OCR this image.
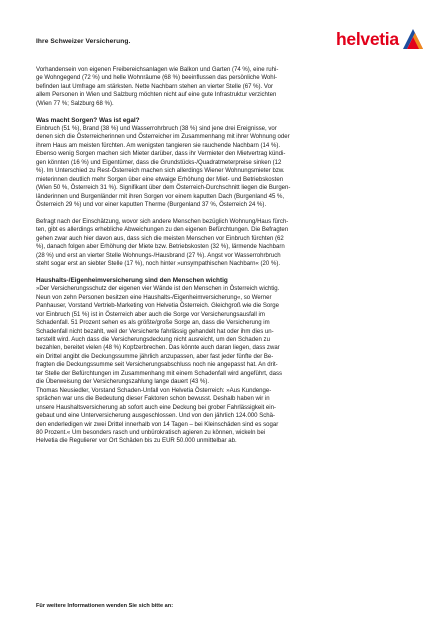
Ihre Schweizer Versicherung.	helvetia

Vorhandensein von eigenen Freibereichsanlagen wie Balkon und Garten (74 %), eine ruhi-
ge Wohngegend (72 %) und helle Wohnräume (68 %) beeinflussen das persönliche Wohl-
befinden laut Umfrage am stärksten. Nette Nachbarn stehen an vierter Stelle (67 %). Vor
allem Personen in Wien und Salzburg möchten nicht auf eine gute Infrastruktur verzichten
(Wien 77 %; Salzburg 68 %).

Was macht Sorgen? Was ist egal?

Einbruch (51 %), Brand (38 %) und Wasserrohrbruch (38 %) sind jene drei Ereignisse, vor
denen sich die Österreicherinnen und Österreicher im Zusammenhang mit ihrer Wohnung oder
ihrem Haus am meisten fürchten. Am wenigsten tangieren sie rauchende Nachbarn (14 %).
Ebenso wenig Sorgen machen sich Mieter darüber, dass ihr Vermieter den Mietvertrag kündi-
gen könnten (16 %) und Eigentümer, dass die Grundstücks-/Quadratmeterpreise sinken (12
%). Im Unterschied zu Rest-Österreich machen sich allerdings Wiener Wohnungsmieter bzw.
mieterinnen deutlich mehr Sorgen über eine etwaige Erhöhung der Miet- und Betriebskosten
(Wien 50 %, Österreich 31 %). Signifikant über dem Österreich-Durchschnitt liegen die Burgen-
länderinnen und Burgenländer mit ihren Sorgen vor einem kaputten Dach (Burgenland 45 %,
Österreich 29 %) und vor einer kaputten Therme (Burgenland 37 %, Österreich 24 %).

Befragt nach der Einschätzung, wovor sich andere Menschen bezüglich Wohnung/Haus fürch-
ten, gibt es allerdings erhebliche Abweichungen zu den eigenen Befürchtungen. Die Befragten
gehen zwar auch hier davon aus, dass sich die meisten Menschen vor Einbruch fürchten (62
%), danach folgen aber Erhöhung der Miete bzw. Betriebskosten (32 %), lärmende Nachbarn
(28 %) und erst an vierter Stelle Wohnungs-/Hausbrand (27 %). Angst vor Wasserrohrbruch
steht sogar erst an siebter Stelle (17 %), noch hinter »unsympathischen Nachbarn« (20 %).

Haushalts-/Eigenheimversicherung sind den Menschen wichtig

»Der Versicherungsschutz der eigenen vier Wände ist den Menschen in Österreich wichtig.
Neun von zehn Personen besitzen eine Haushalts-/Eigenheimversicherung«, so Werner
Panhauser, Vorstand Vertrieb-Marketing von Helvetia Österreich. Gleichgroß wie die Sorge
vor Einbruch (51 %) ist in Österreich aber auch die Sorge vor Versicherungsausfall im
Schadenfall. 51 Prozent sehen es als größte/große Sorge an, dass die Versicherung im
Schadenfall nicht bezahlt, weil der Versicherte fahrlässig gehandelt hat oder ihm dies un-
terstellt wird. Auch dass die Versicherungsdeckung nicht ausreicht, um den Schaden zu
bezahlen, bereitet vielen (48 %) Kopfzerbrechen. Das könnte auch daran liegen, dass zwar
ein Drittel angibt die Deckungssumme jährlich anzupassen, aber fast jeder fünfte der Be-
fragten die Deckungssumme seit Versicherungsabschluss noch nie angepasst hat. An drit-
ter Stelle der Befürchtungen im Zusammenhang mit einem Schadenfall wird angeführt, dass
die Überweisung der Versicherungszahlung lange dauert (43 %).
Thomas Neusiedler, Vorstand Schaden-Unfall von Helvetia Österreich: »Aus Kundenge-
sprächen war uns die Bedeutung dieser Faktoren schon bewusst. Deshalb haben wir in
unsere Haushaltsversicherung ab sofort auch eine Deckung bei grober Fahrlässigkeit ein-
gebaut und eine Unterversicherung ausgeschlossen. Und von den jährlich 124.000 Schä-
den enderledigen wir zwei Drittel innerhalb von 14 Tagen – bei Kleinschäden sind es sogar
80 Prozent.« Um besonders rasch und unbürokratisch agieren zu können, wickeln bei
Helvetia die Regulierer vor Ort Schäden bis zu EUR 50.000 unmittelbar ab.

Für weitere Informationen wenden Sie sich bitte an:
